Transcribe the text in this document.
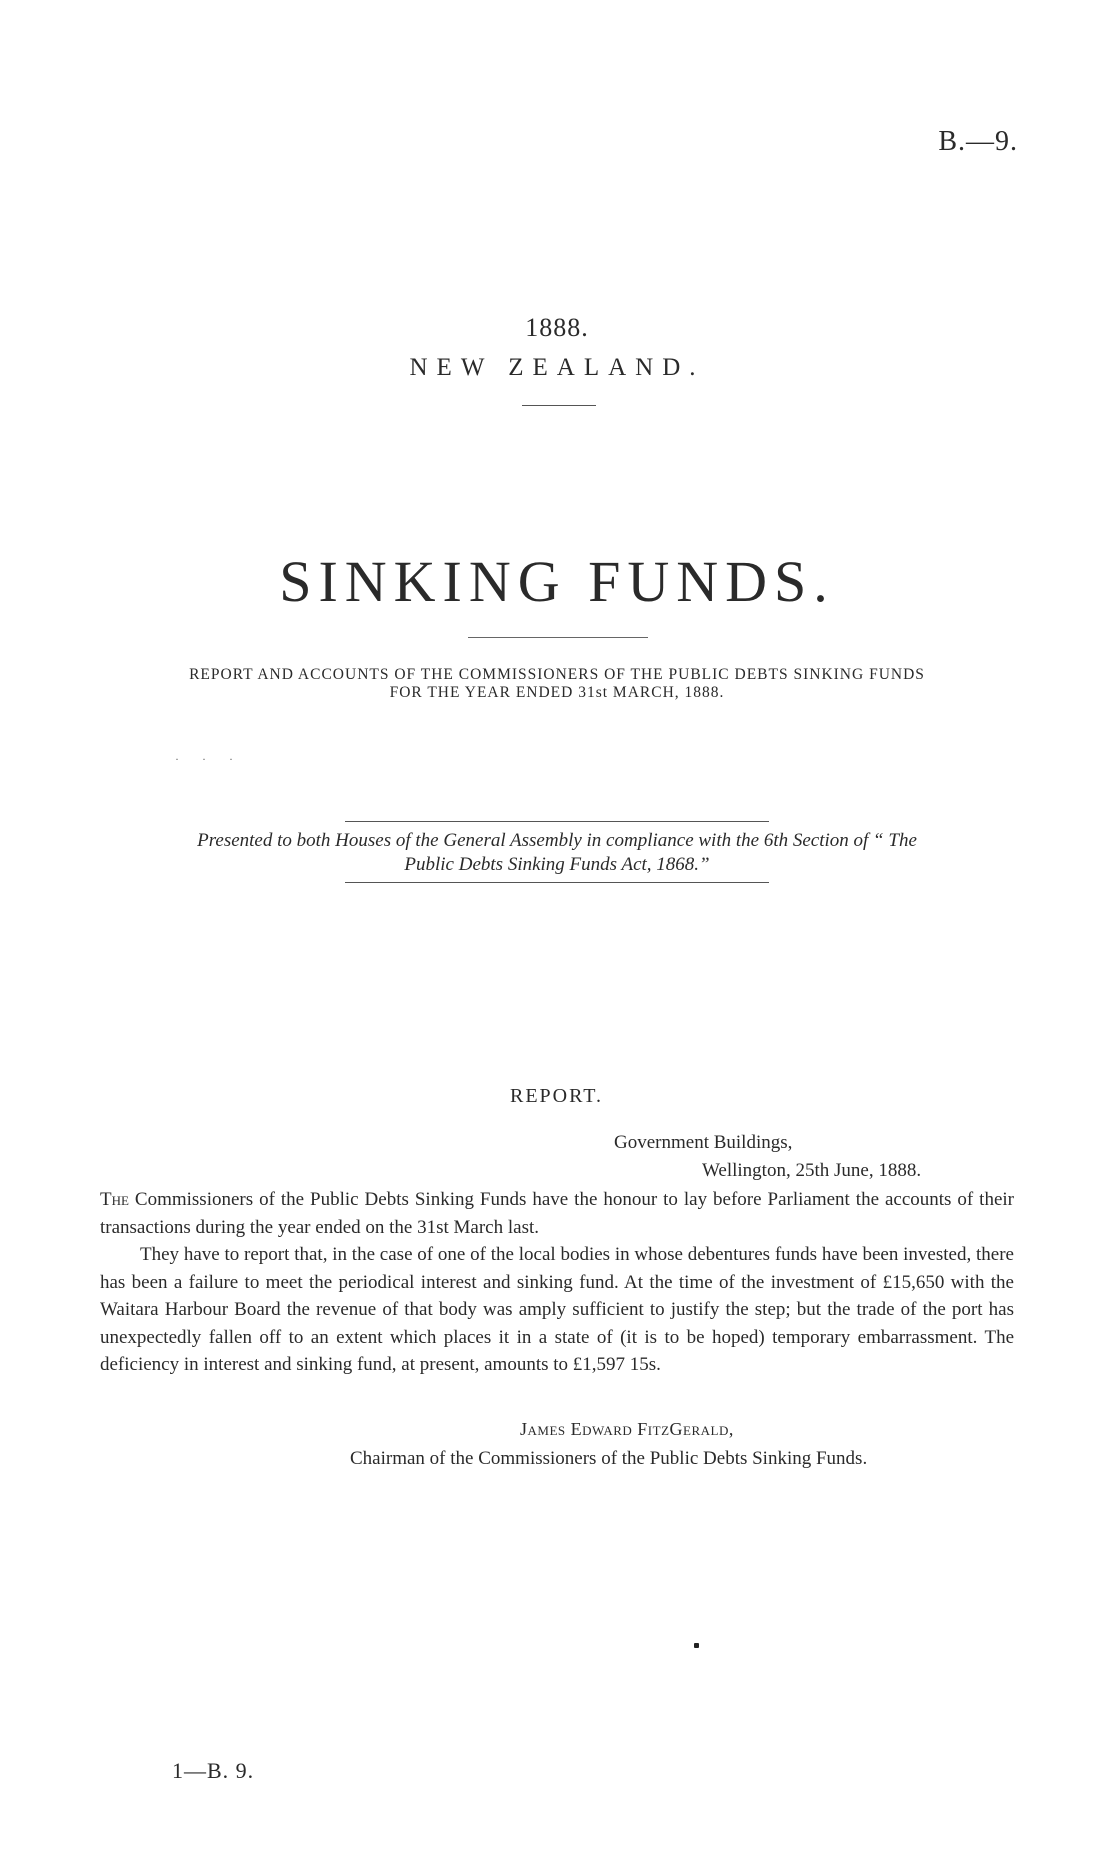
B.—9.
1888.
NEW ZEALAND.
SINKING FUNDS.
REPORT AND ACCOUNTS OF THE COMMISSIONERS OF THE PUBLIC DEBTS SINKING FUNDS
FOR THE YEAR ENDED 31st MARCH, 1888.
· · ·
Presented to both Houses of the General Assembly in compliance with the 6th Section of “ The
Public Debts Sinking Funds Act, 1868.”
REPORT.
Government Buildings,
Wellington, 25th June, 1888.
The Commissioners of the Public Debts Sinking Funds have the honour to lay before Parliament the accounts of their transactions during the year ended on the 31st March last.
They have to report that, in the case of one of the local bodies in whose debentures funds have been invested, there has been a failure to meet the periodical interest and sinking fund. At the time of the investment of £15,650 with the Waitara Harbour Board the revenue of that body was amply sufficient to justify the step; but the trade of the port has unexpectedly fallen off to an extent which places it in a state of (it is to be hoped) temporary embarrassment. The deficiency in interest and sinking fund, at present, amounts to £1,597 15s.
James Edward FitzGerald,
Chairman of the Commissioners of the Public Debts Sinking Funds.
1—B. 9.
